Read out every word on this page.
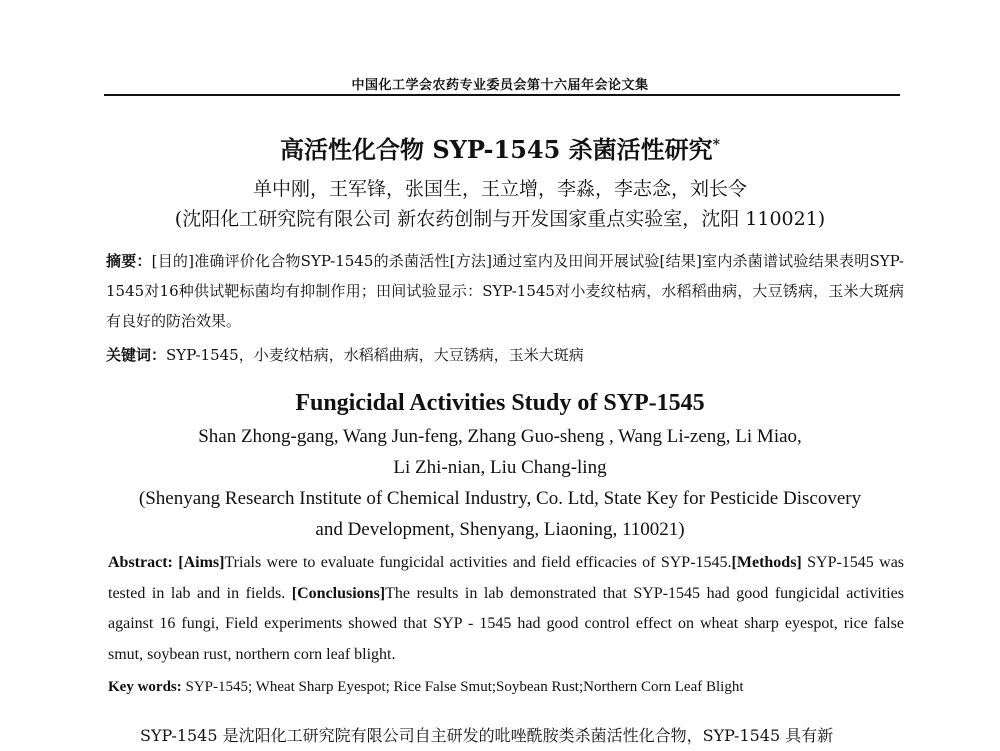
中国化工学会农药专业委员会第十六届年会论文集
高活性化合物 SYP-1545 杀菌活性研究*
单中刚，王军锋，张国生，王立增，李淼，李志念，刘长令
(沈阳化工研究院有限公司 新农药创制与开发国家重点实验室，沈阳 110021)
摘要：[目的]准确评价化合物SYP-1545的杀菌活性[方法]通过室内及田间开展试验[结果]室内杀菌谱试验结果表明SYP-1545对16种供试靶标菌均有抑制作用；田间试验显示：SYP-1545对小麦纹枯病，水稻稻曲病，大豆锈病，玉米大斑病有良好的防治效果。
关键词：SYP-1545，小麦纹枯病，水稻稻曲病，大豆锈病，玉米大斑病
Fungicidal Activities Study of SYP-1545
Shan Zhong-gang, Wang Jun-feng, Zhang Guo-sheng , Wang Li-zeng, Li Miao,
Li Zhi-nian, Liu Chang-ling
(Shenyang Research Institute of Chemical Industry, Co. Ltd, State Key for Pesticide Discovery
and Development, Shenyang, Liaoning, 110021)
Abstract: [Aims]Trials were to evaluate fungicidal activities and field efficacies of SYP-1545.[Methods] SYP-1545 was tested in lab and in fields. [Conclusions]The results in lab demonstrated that SYP-1545 had good fungicidal activities against 16 fungi, Field experiments showed that SYP - 1545 had good control effect on wheat sharp eyespot, rice false smut, soybean rust, northern corn leaf blight.
Key words: SYP-1545; Wheat Sharp Eyespot; Rice False Smut;Soybean Rust;Northern Corn Leaf Blight
SYP-1545 是沈阳化工研究院有限公司自主研发的吡唑酰胺类杀菌活性化合物，SYP-1545 具有新
